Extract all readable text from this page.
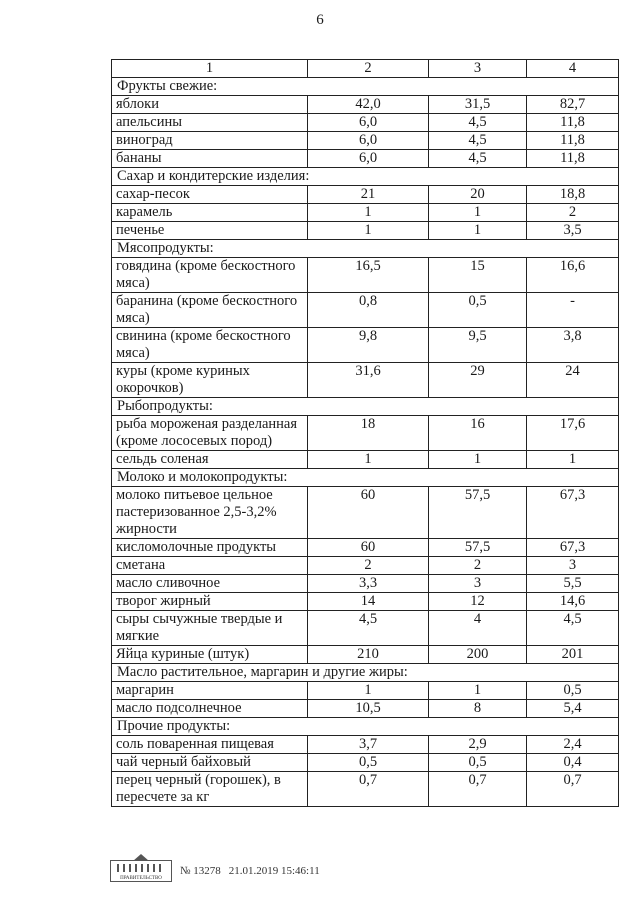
6
1	2	3	4
Фрукты свежие:			
яблоки	42,0	31,5	82,7
апельсины	6,0	4,5	11,8
виноград	6,0	4,5	11,8
бананы	6,0	4,5	11,8
Сахар и кондитерские изделия:			
сахар-песок	21	20	18,8
карамель	1	1	2
печенье	1	1	3,5
Мясопродукты:			
говядина (кроме бескостного мяса)	16,5	15	16,6
баранина (кроме бескостного мяса)	0,8	0,5	-
свинина (кроме бескостного мяса)	9,8	9,5	3,8
куры (кроме куриных окорочков)	31,6	29	24
Рыбопродукты:			
рыба мороженая разделанная (кроме лососевых пород)	18	16	17,6
сельдь соленая	1	1	1
Молоко и молокопродукты:			
молоко питьевое цельное пастеризованное 2,5-3,2% жирности	60	57,5	67,3
кисломолочные продукты	60	57,5	67,3
сметана	2	2	3
масло сливочное	3,3	3	5,5
творог жирный	14	12	14,6
сыры сычужные твердые и мягкие	4,5	4	4,5
Яйца куриные (штук)	210	200	201
Масло растительное, маргарин и другие жиры:			
маргарин	1	1	0,5
масло подсолнечное	10,5	8	5,4
Прочие продукты:			
соль поваренная пищевая	3,7	2,9	2,4
чай черный байховый	0,5	0,5	0,4
перец черный (горошек), в пересчете за кг	0,7	0,7	0,7
ПРАВИТЕЛЬСТВО
№ 13278 21.01.2019 15:46:11
